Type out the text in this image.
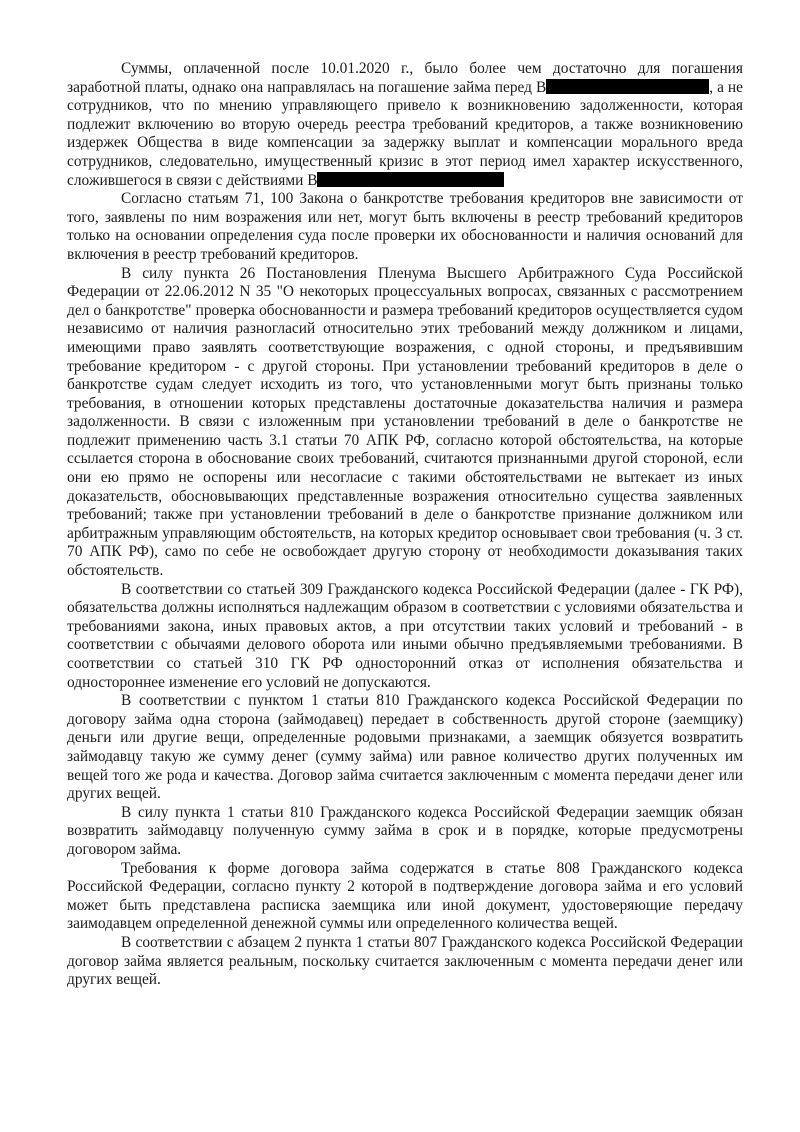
Суммы, оплаченной после 10.01.2020 г., было более чем достаточно для погашения заработной платы, однако она направлялась на погашение займа перед В	, а не сотрудников, что по мнению управляющего привело к возникновению задолженности, которая подлежит включению во вторую очередь реестра требований кредиторов, а также возникновению издержек Общества в виде компенсации за задержку выплат и компенсации морального вреда сотрудников, следовательно, имущественный кризис в этот период имел характер искусственного, сложившегося в связи с действиями В

Согласно статьям 71, 100 Закона о банкротстве требования кредиторов вне зависимости от того, заявлены по ним возражения или нет, могут быть включены в реестр требований кредиторов только на основании определения суда после проверки их обоснованности и наличия оснований для включения в реестр требований кредиторов.

В силу пункта 26 Постановления Пленума Высшего Арбитражного Суда Российской Федерации от 22.06.2012 N 35 "О некоторых процессуальных вопросах, связанных с рассмотрением дел о банкротстве" проверка обоснованности и размера требований кредиторов осуществляется судом независимо от наличия разногласий относительно этих требований между должником и лицами, имеющими право заявлять соответствующие возражения, с одной стороны, и предъявившим требование кредитором - с другой стороны. При установлении требований кредиторов в деле о банкротстве судам следует исходить из того, что установленными могут быть признаны только требования, в отношении которых представлены достаточные доказательства наличия и размера задолженности. В связи с изложенным при установлении требований в деле о банкротстве не подлежит применению часть 3.1 статьи 70 АПК РФ, согласно которой обстоятельства, на которые ссылается сторона в обоснование своих требований, считаются признанными другой стороной, если они ею прямо не оспорены или несогласие с такими обстоятельствами не вытекает из иных доказательств, обосновывающих представленные возражения относительно существа заявленных требований; также при установлении требований в деле о банкротстве признание должником или арбитражным управляющим обстоятельств, на которых кредитор основывает свои требования (ч. 3 ст. 70 АПК РФ), само по себе не освобождает другую сторону от необходимости доказывания таких обстоятельств.

В соответствии со статьей 309 Гражданского кодекса Российской Федерации (далее - ГК РФ), обязательства должны исполняться надлежащим образом в соответствии с условиями обязательства и требованиями закона, иных правовых актов, а при отсутствии таких условий и требований - в соответствии с обычаями делового оборота или иными обычно предъявляемыми требованиями. В соответствии со статьей 310 ГК РФ односторонний отказ от исполнения обязательства и одностороннее изменение его условий не допускаются.

В соответствии с пунктом 1 статьи 810 Гражданского кодекса Российской Федерации по договору займа одна сторона (займодавец) передает в собственность другой стороне (заемщику) деньги или другие вещи, определенные родовыми признаками, а заемщик обязуется возвратить займодавцу такую же сумму денег (сумму займа) или равное количество других полученных им вещей того же рода и качества. Договор займа считается заключенным с момента передачи денег или других вещей.

В силу пункта 1 статьи 810 Гражданского кодекса Российской Федерации заемщик обязан возвратить займодавцу полученную сумму займа в срок и в порядке, которые предусмотрены договором займа.

Требования к форме договора займа содержатся в статье 808 Гражданского кодекса Российской Федерации, согласно пункту 2 которой в подтверждение договора займа и его условий может быть представлена расписка заемщика или иной документ, удостоверяющие передачу заимодавцем определенной денежной суммы или определенного количества вещей.

В соответствии с абзацем 2 пункта 1 статьи 807 Гражданского кодекса Российской Федерации договор займа является реальным, поскольку считается заключенным с момента передачи денег или других вещей.
